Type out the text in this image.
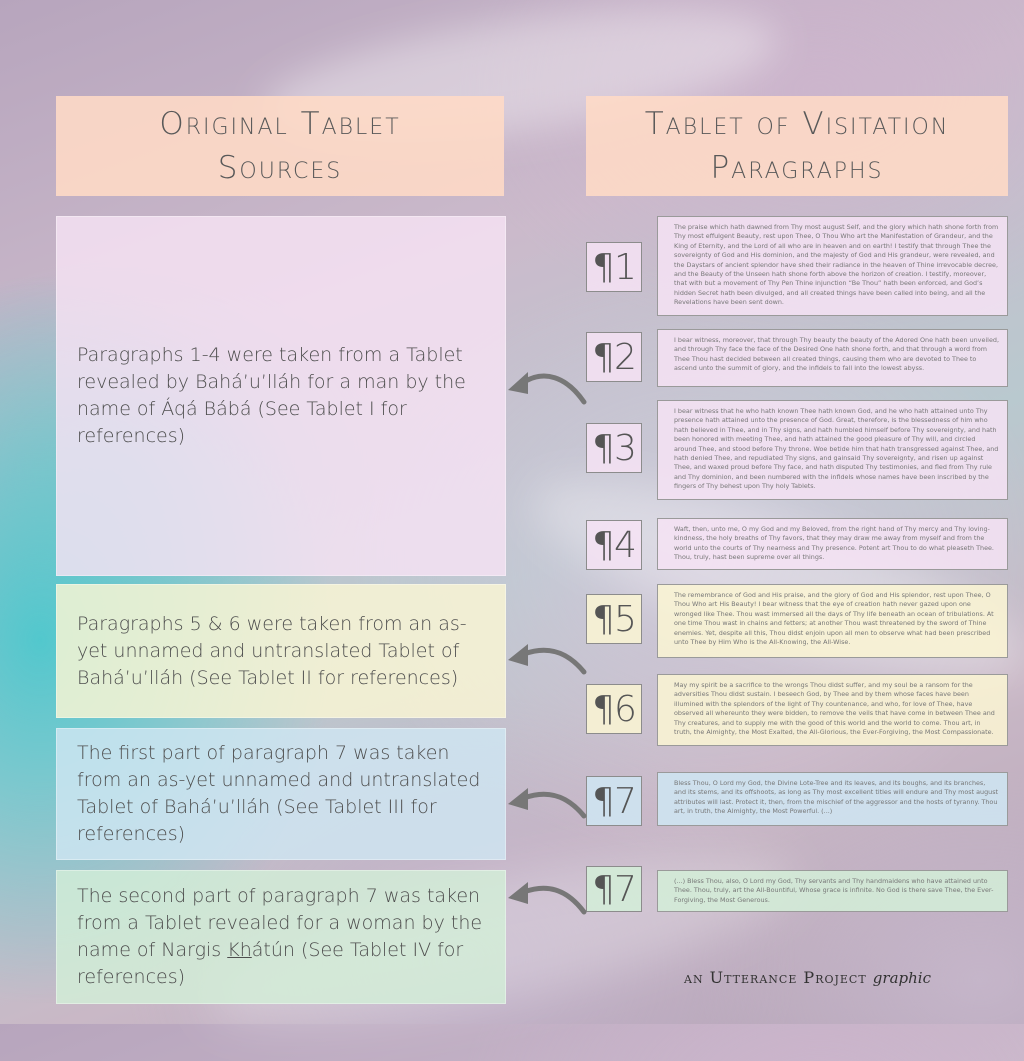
Original Tablet
Sources
Tablet of Visitation
Paragraphs
Paragraphs 1-4 were taken from a Tablet revealed by Bahá’u’lláh for a man by the name of Áqá Bábá (See Tablet I for references)
Paragraphs 5 & 6 were taken from an as-yet unnamed and untranslated Tablet of Bahá’u’lláh (See Tablet II for references)
The first part of paragraph 7 was taken from an as-yet unnamed and untranslated Tablet of Bahá’u’lláh (See Tablet III for references)
The second part of paragraph 7 was taken from a Tablet revealed for a woman by the name of Nargis Khátún (See Tablet IV for references)
¶1
The praise which hath dawned from Thy most august Self, and the glory which hath shone forth from Thy most effulgent Beauty, rest upon Thee, O Thou Who art the Manifestation of Grandeur, and the King of Eternity, and the Lord of all who are in heaven and on earth! I testify that through Thee the sovereignty of God and His dominion, and the majesty of God and His grandeur, were revealed, and the Daystars of ancient splendor have shed their radiance in the heaven of Thine irrevocable decree, and the Beauty of the Unseen hath shone forth above the horizon of creation. I testify, moreover, that with but a movement of Thy Pen Thine injunction “Be Thou” hath been enforced, and God’s hidden Secret hath been divulged, and all created things have been called into being, and all the Revelations have been sent down.
¶2	I bear witness, moreover, that through Thy beauty the beauty of the Adored One hath been unveiled, and through Thy face the face of the Desired One hath shone forth, and that through a word from Thee Thou hast decided between all created things, causing them who are devoted to Thee to ascend unto the summit of glory, and the infidels to fall into the lowest abyss.
¶3
I bear witness that he who hath known Thee hath known God, and he who hath attained unto Thy presence hath attained unto the presence of God. Great, therefore, is the blessedness of him who hath believed in Thee, and in Thy signs, and hath humbled himself before Thy sovereignty, and hath been honored with meeting Thee, and hath attained the good pleasure of Thy will, and circled around Thee, and stood before Thy throne. Woe betide him that hath transgressed against Thee, and hath denied Thee, and repudiated Thy signs, and gainsaid Thy sovereignty, and risen up against Thee, and waxed proud before Thy face, and hath disputed Thy testimonies, and fled from Thy rule and Thy dominion, and been numbered with the infidels whose names have been inscribed by the fingers of Thy behest upon Thy holy Tablets.
¶4	Waft, then, unto me, O my God and my Beloved, from the right hand of Thy mercy and Thy loving-kindness, the holy breaths of Thy favors, that they may draw me away from myself and from the world unto the courts of Thy nearness and Thy presence. Potent art Thou to do what pleaseth Thee. Thou, truly, hast been supreme over all things.
¶5
The remembrance of God and His praise, and the glory of God and His splendor, rest upon Thee, O Thou Who art His Beauty! I bear witness that the eye of creation hath never gazed upon one wronged like Thee. Thou wast immersed all the days of Thy life beneath an ocean of tribulations. At one time Thou wast in chains and fetters; at another Thou wast threatened by the sword of Thine enemies. Yet, despite all this, Thou didst enjoin upon all men to observe what had been prescribed unto Thee by Him Who is the All-Knowing, the All-Wise.
¶6
May my spirit be a sacrifice to the wrongs Thou didst suffer, and my soul be a ransom for the adversities Thou didst sustain. I beseech God, by Thee and by them whose faces have been illumined with the splendors of the light of Thy countenance, and who, for love of Thee, have observed all whereunto they were bidden, to remove the veils that have come in between Thee and Thy creatures, and to supply me with the good of this world and the world to come. Thou art, in truth, the Almighty, the Most Exalted, the All-Glorious, the Ever-Forgiving, the Most Compassionate.
¶7	Bless Thou, O Lord my God, the Divine Lote-Tree and its leaves, and its boughs, and its branches, and its stems, and its offshoots, as long as Thy most excellent titles will endure and Thy most august attributes will last. Protect it, then, from the mischief of the aggressor and the hosts of tyranny. Thou art, in truth, the Almighty, the Most Powerful. (...)
¶7	(...) Bless Thou, also, O Lord my God, Thy servants and Thy handmaidens who have attained unto Thee. Thou, truly, art the All-Bountiful, Whose grace is infinite. No God is there save Thee, the Ever-Forgiving, the Most Generous.
an Utterance Project graphic
